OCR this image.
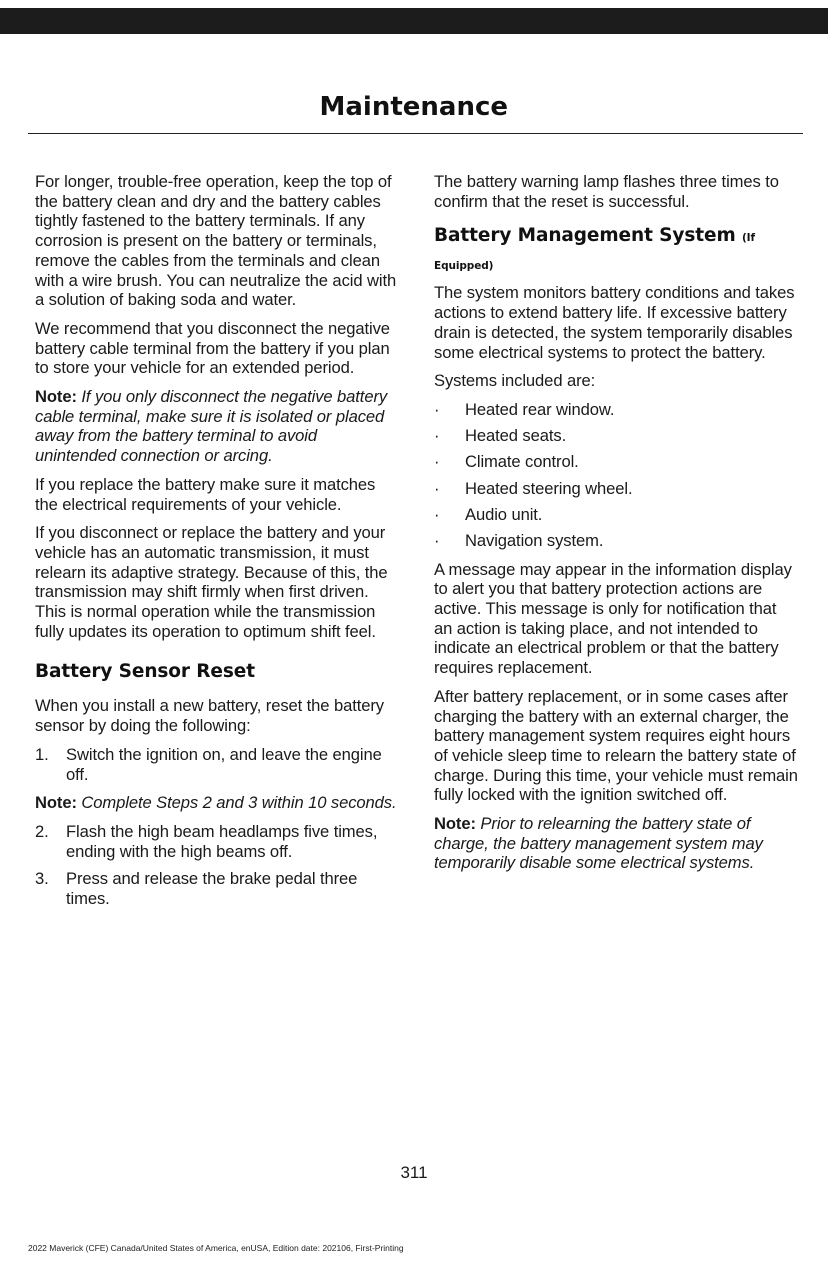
Maintenance

For longer, trouble-free operation, keep the top of the battery clean and dry and the battery cables tightly fastened to the battery terminals. If any corrosion is present on the battery or terminals, remove the cables from the terminals and clean with a wire brush. You can neutralize the acid with a solution of baking soda and water.

We recommend that you disconnect the negative battery cable terminal from the battery if you plan to store your vehicle for an extended period.

Note: If you only disconnect the negative battery cable terminal, make sure it is isolated or placed away from the battery terminal to avoid unintended connection or arcing.

If you replace the battery make sure it matches the electrical requirements of your vehicle.

If you disconnect or replace the battery and your vehicle has an automatic transmission, it must relearn its adaptive strategy. Because of this, the transmission may shift firmly when first driven. This is normal operation while the transmission fully updates its operation to optimum shift feel.

Battery Sensor Reset

When you install a new battery, reset the battery sensor by doing the following:

1. Switch the ignition on, and leave the engine off.

Note: Complete Steps 2 and 3 within 10 seconds.

2. Flash the high beam headlamps five times, ending with the high beams off.
3. Press and release the brake pedal three times.

The battery warning lamp flashes three times to confirm that the reset is successful.

Battery Management System (If Equipped)

The system monitors battery conditions and takes actions to extend battery life. If excessive battery drain is detected, the system temporarily disables some electrical systems to protect the battery.

Systems included are:

· Heated rear window.
· Heated seats.
· Climate control.
· Heated steering wheel.
· Audio unit.
· Navigation system.

A message may appear in the information display to alert you that battery protection actions are active. This message is only for notification that an action is taking place, and not intended to indicate an electrical problem or that the battery requires replacement.

After battery replacement, or in some cases after charging the battery with an external charger, the battery management system requires eight hours of vehicle sleep time to relearn the battery state of charge. During this time, your vehicle must remain fully locked with the ignition switched off.

Note: Prior to relearning the battery state of charge, the battery management system may temporarily disable some electrical systems.

311
2022 Maverick (CFE) Canada/United States of America, enUSA, Edition date: 202106, First-Printing
